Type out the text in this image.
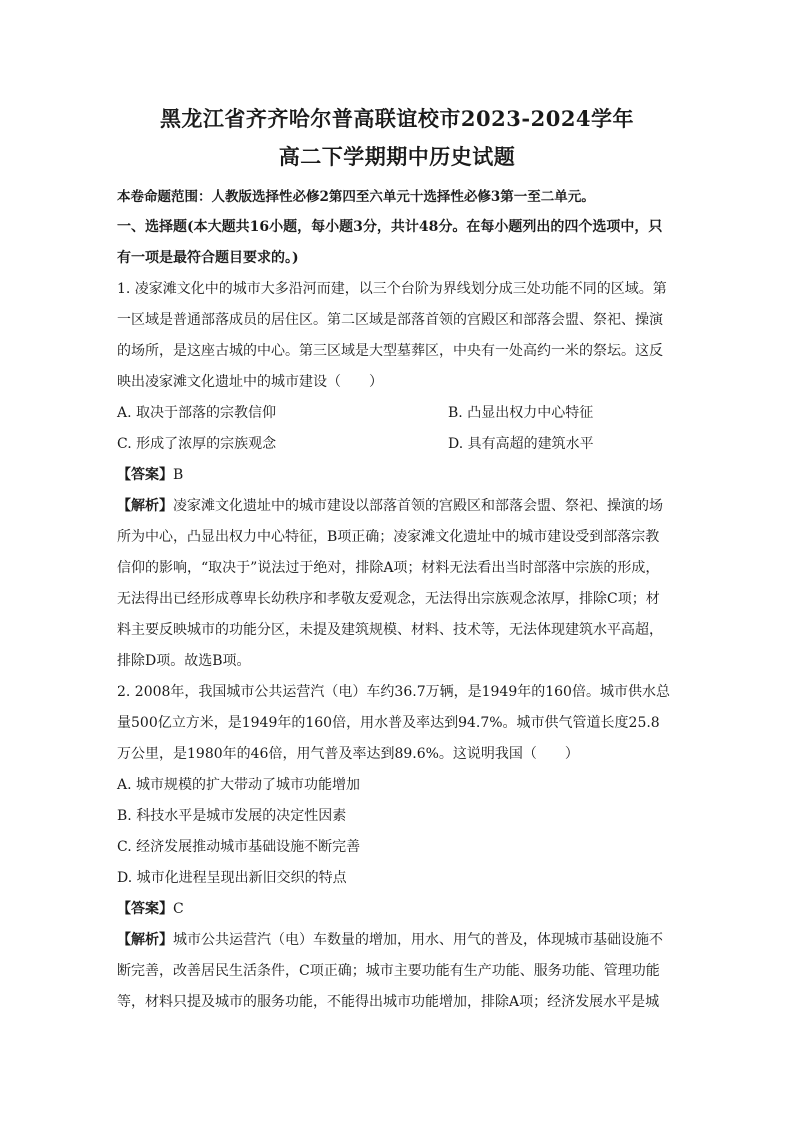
黑龙江省齐齐哈尔普高联谊校市2023-2024学年
高二下学期期中历史试题
本卷命题范围：人教版选择性必修2第四至六单元十选择性必修3第一至二单元。
一、选择题(本大题共16小题，每小题3分，共计48分。在每小题列出的四个选项中，只
有一项是最符合题目要求的。)

1. 凌家滩文化中的城市大多沿河而建，以三个台阶为界线划分成三处功能不同的区域。第

一区域是普通部落成员的居住区。第二区域是部落首领的宫殿区和部落会盟、祭祀、操演

的场所，是这座古城的中心。第三区域是大型墓葬区，中央有一处高约一米的祭坛。这反

映出凌家滩文化遗址中的城市建设（　　）

A. 取决于部落的宗教信仰	B. 凸显出权力中心特征
C. 形成了浓厚的宗族观念	D. 具有高超的建筑水平

【答案】B

【解析】凌家滩文化遗址中的城市建设以部落首领的宫殿区和部落会盟、祭祀、操演的场

所为中心，凸显出权力中心特征，B项正确；凌家滩文化遗址中的城市建设受到部落宗教

信仰的影响，“取决于”说法过于绝对，排除A项；材料无法看出当时部落中宗族的形成，

无法得出已经形成尊卑长幼秩序和孝敬友爱观念，无法得出宗族观念浓厚，排除C项；材

料主要反映城市的功能分区，未提及建筑规模、材料、技术等，无法体现建筑水平高超，

排除D项。故选B项。

2. 2008年，我国城市公共运营汽（电）车约36.7万辆，是1949年的160倍。城市供水总

量500亿立方米，是1949年的160倍，用水普及率达到94.7%。城市供气管道长度25.8

万公里，是1980年的46倍，用气普及率达到89.6%。这说明我国（　　）

A. 城市规模的扩大带动了城市功能增加
B. 科技水平是城市发展的决定性因素
C. 经济发展推动城市基础设施不断完善
D. 城市化进程呈现出新旧交织的特点

【答案】C

【解析】城市公共运营汽（电）车数量的增加，用水、用气的普及，体现城市基础设施不

断完善，改善居民生活条件，C项正确；城市主要功能有生产功能、服务功能、管理功能

等，材料只提及城市的服务功能，不能得出城市功能增加，排除A项；经济发展水平是城
